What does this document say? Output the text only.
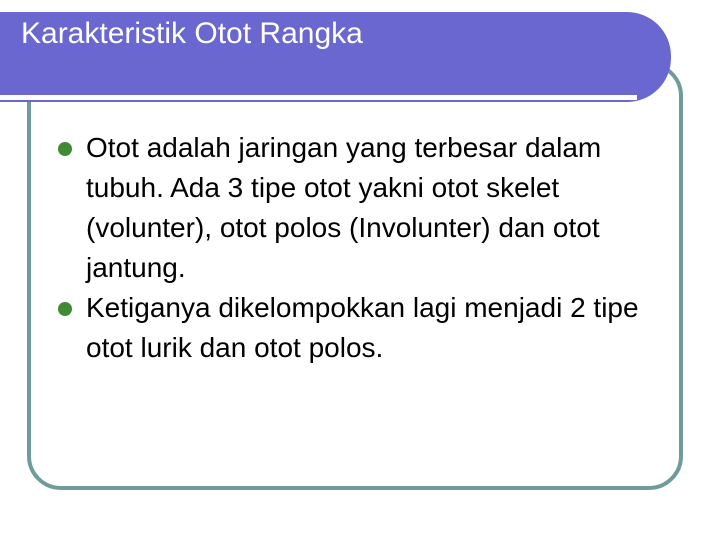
Karakteristik Otot Rangka
Otot adalah jaringan yang terbesar dalam tubuh. Ada 3 tipe otot yakni otot skelet (volunter), otot polos (Involunter) dan otot jantung.
Ketiganya dikelompokkan lagi menjadi 2 tipe otot lurik dan otot polos.
